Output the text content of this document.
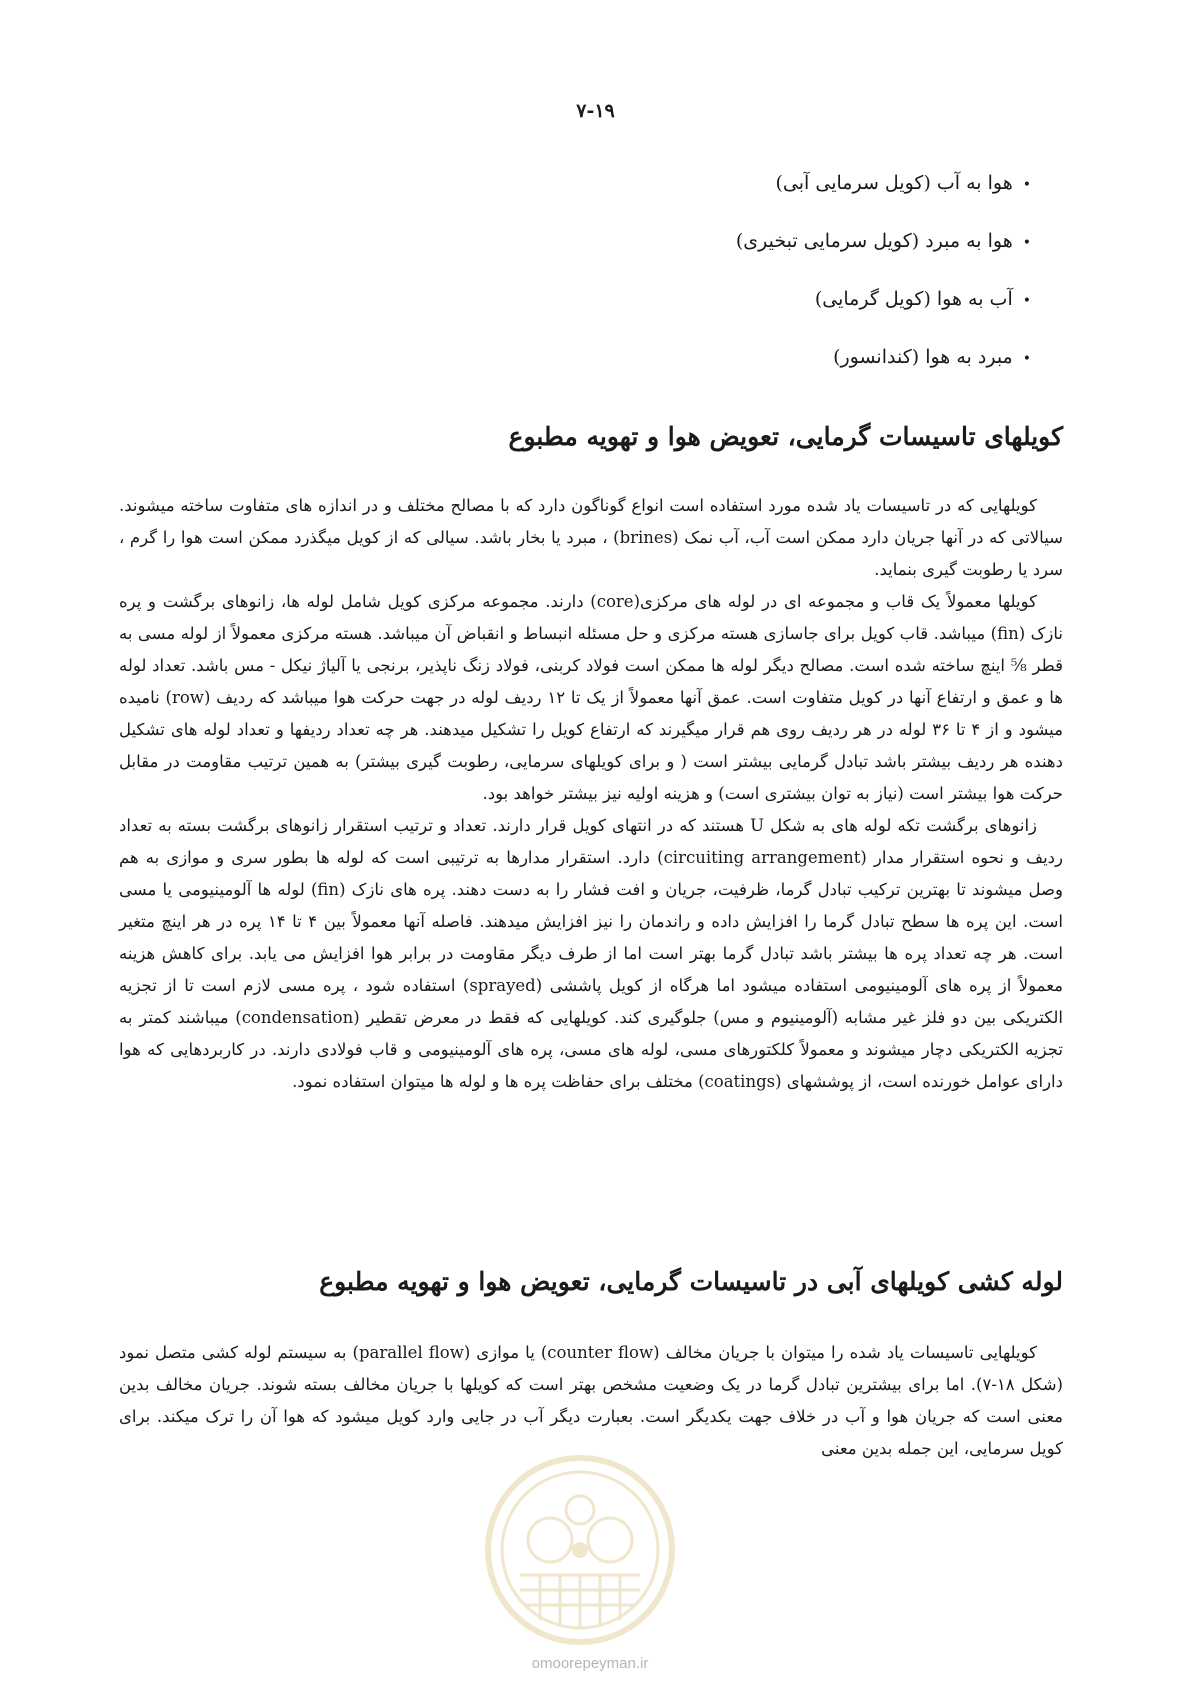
۷-۱۹
•هوا به آب (کویل سرمایی آبی)
•هوا به مبرد (کویل سرمایی تبخیری)
•آب به هوا (کویل گرمایی)
•مبرد به هوا (کندانسور)
کویلهای تاسیسات گرمایی، تعویض هوا و تهویه مطبوع

کویلهایی که در تاسیسات یاد شده مورد استفاده است انواع گوناگون دارد که با مصالح مختلف و در اندازه های متفاوت ساخته میشوند. سیالاتی که در آنها جریان دارد ممکن است آب، آب نمک (brines) ، مبرد یا بخار باشد. سیالی که از کویل میگذرد ممکن است هوا را گرم ، سرد یا رطوبت گیری بنماید.

کویلها معمولاً یک قاب و مجموعه ای در لوله های مرکزی(core) دارند. مجموعه مرکزی کویل شامل لوله ها، زانوهای برگشت و پره نازک (fin) میباشد. قاب کویل برای جاسازی هسته مرکزی و حل مسئله انبساط و انقباض آن میباشد. هسته مرکزی معمولاً از لوله مسی به قطر ⅝ اینچ ساخته شده است. مصالح دیگر لوله ها ممکن است فولاد کربنی، فولاد زنگ ناپذیر، برنجی یا آلیاژ نیکل - مس باشد. تعداد لوله ها و عمق و ارتفاع آنها در کویل متفاوت است. عمق آنها معمولاً از یک تا ۱۲ ردیف لوله در جهت حرکت هوا میباشد که ردیف (row) نامیده میشود و از ۴ تا ۳۶ لوله در هر ردیف روی هم قرار میگیرند که ارتفاع کویل را تشکیل میدهند. هر چه تعداد ردیفها و تعداد لوله های تشکیل دهنده هر ردیف بیشتر باشد تبادل گرمایی بیشتر است ( و برای کویلهای سرمایی، رطوبت گیری بیشتر) به همین ترتیب مقاومت در مقابل حرکت هوا بیشتر است (نیاز به توان بیشتری است) و هزینه اولیه نیز بیشتر خواهد بود.

زانوهای برگشت تکه لوله های به شکل U هستند که در انتهای کویل قرار دارند. تعداد و ترتیب استقرار زانوهای برگشت بسته به تعداد ردیف و نحوه استقرار مدار (circuiting arrangement) دارد. استقرار مدارها به ترتیبی است که لوله ها بطور سری و موازی به هم وصل میشوند تا بهترین ترکیب تبادل گرما، ظرفیت، جریان و افت فشار را به دست دهند. پره های نازک (fin) لوله ها آلومینیومی یا مسی است. این پره ها سطح تبادل گرما را افزایش داده و راندمان را نیز افزایش میدهند. فاصله آنها معمولاً بین ۴ تا ۱۴ پره در هر اینچ متغیر است. هر چه تعداد پره ها بیشتر باشد تبادل گرما بهتر است اما از طرف دیگر مقاومت در برابر هوا افزایش می یابد. برای کاهش هزینه معمولاً از پره های آلومینیومی استفاده میشود اما هرگاه از کویل پاششی (sprayed) استفاده شود ، پره مسی لازم است تا از تجزیه الکتریکی بین دو فلز غیر مشابه (آلومینیوم و مس) جلوگیری کند. کویلهایی که فقط در معرض تقطیر (condensation) میباشند کمتر به تجزیه الکتریکی دچار میشوند و معمولاً کلکتورهای مسی، لوله های مسی، پره های آلومینیومی و قاب فولادی دارند. در کاربردهایی که هوا دارای عوامل خورنده است، از پوششهای (coatings) مختلف برای حفاظت پره ها و لوله ها میتوان استفاده نمود.

لوله کشی کویلهای آبی در تاسیسات گرمایی، تعویض هوا و تهویه مطبوع

کویلهایی تاسیسات یاد شده را میتوان با جریان مخالف (counter flow) یا موازی (parallel flow) به سیستم لوله کشی متصل نمود (شکل ۱۸-۷). اما برای بیشترین تبادل گرما در یک وضعیت مشخص بهتر است که کویلها با جریان مخالف بسته شوند. جریان مخالف بدین معنی است که جریان هوا و آب در خلاف جهت یکدیگر است. بعبارت دیگر آب در جایی وارد کویل میشود که هوا آن را ترک میکند. برای کویل سرمایی، این جمله بدین معنی

omoorepeyman.ir
